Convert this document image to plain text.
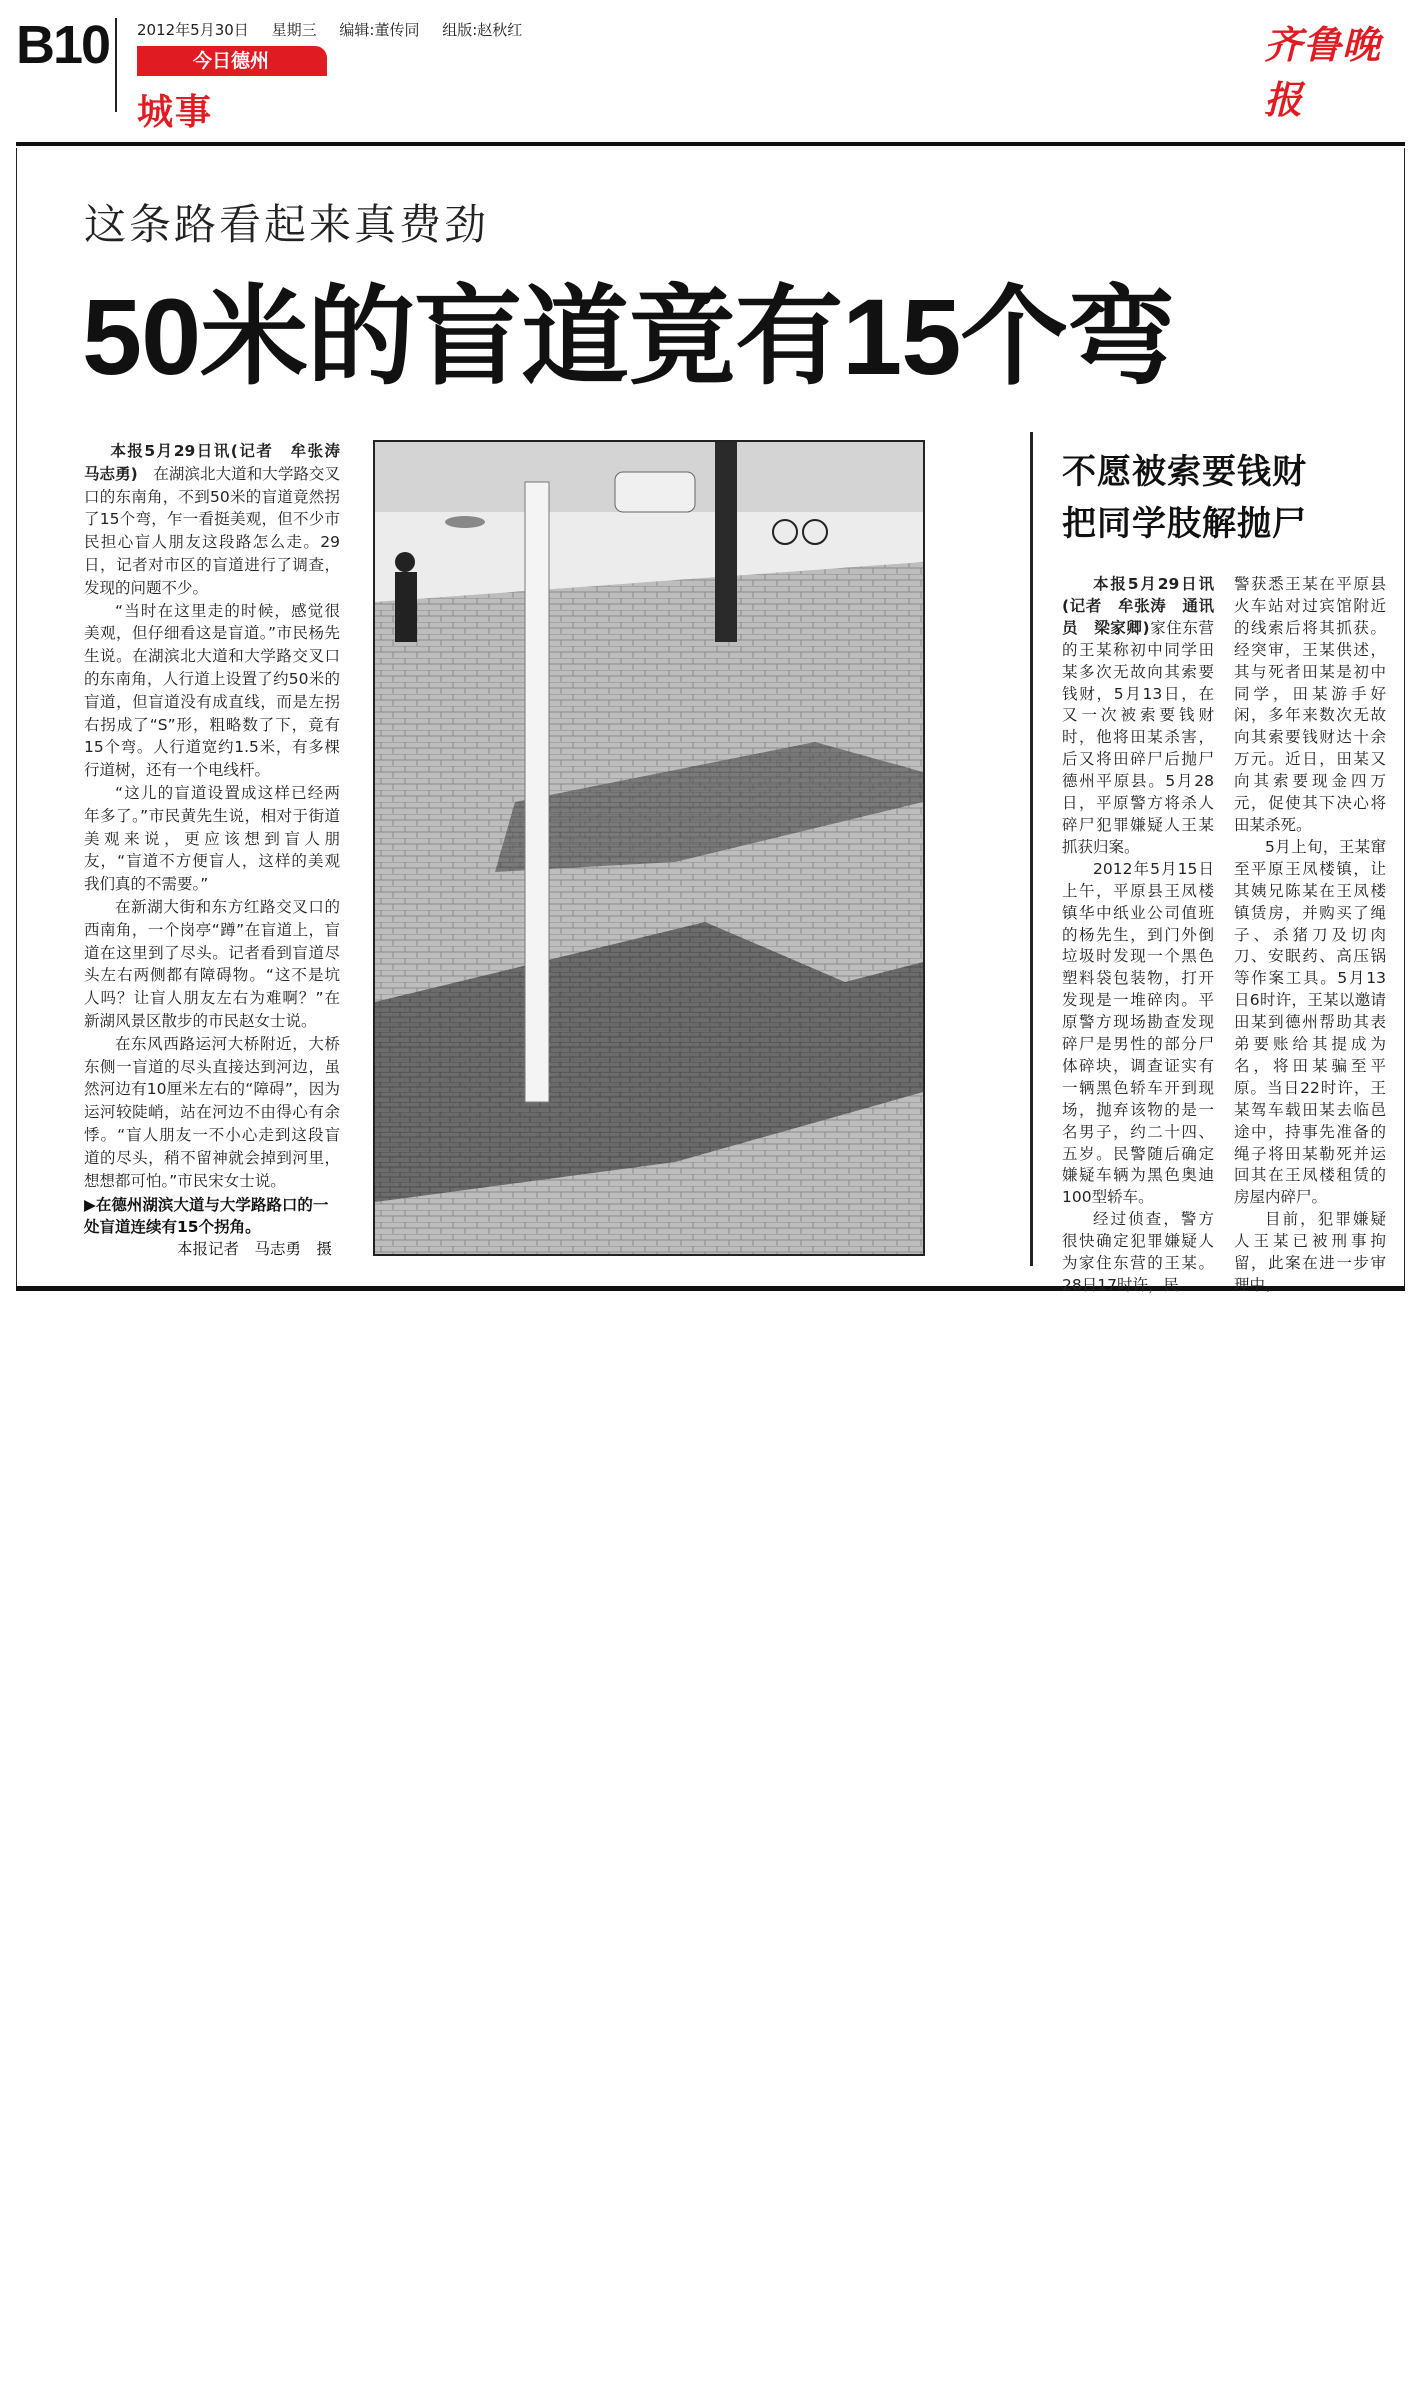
B10 2012年5月30日 星期三 编辑:董传同 组版:赵秋红
今日德州
城事
齐鲁晚报
这条路看起来真费劲
50米的盲道竟有15个弯

本报5月29日讯(记者　牟张涛　马志勇)　 在湖滨北大道和大学路交叉口的东南角，不到50米的盲道竟然拐了15个弯，乍一看挺美观，但不少市民担心盲人朋友这段路怎么走。29日，记者对市区的盲道进行了调查，发现的问题不少。

“当时在这里走的时候，感觉很美观，但仔细看这是盲道。”市民杨先生说。在湖滨北大道和大学路交叉口的东南角，人行道上设置了约50米的盲道，但盲道没有成直线，而是左拐右拐成了“S”形，粗略数了下，竟有15个弯。人行道宽约1.5米，有多棵行道树，还有一个电线杆。

“这儿的盲道设置成这样已经两年多了。”市民黄先生说，相对于街道美观来说，更应该想到盲人朋友，“盲道不方便盲人，这样的美观我们真的不需要。”

在新湖大街和东方红路交叉口的西南角，一个岗亭“蹲”在盲道上，盲道在这里到了尽头。记者看到盲道尽头左右两侧都有障碍物。“这不是坑人吗？让盲人朋友左右为难啊？”在新湖风景区散步的市民赵女士说。

在东风西路运河大桥附近，大桥东侧一盲道的尽头直接达到河边，虽然河边有10厘米左右的“障碍”，因为运河较陡峭，站在河边不由得心有余悸。“盲人朋友一不小心走到这段盲道的尽头，稍不留神就会掉到河里，想想都可怕。”市民宋女士说。

▶在德州湖滨大道与大学路路口的一处盲道连续有15个拐角。
本报记者　马志勇　摄
不愿被索要钱财
把同学肢解抛尸

本报5月29日讯(记者　牟张涛　通讯员　梁家卿)家住东营的王某称初中同学田某多次无故向其索要钱财，5月13日，在又一次被索要钱财时，他将田某杀害，后又将田碎尸后抛尸德州平原县。5月28日，平原警方将杀人碎尸犯罪嫌疑人王某抓获归案。

2012年5月15日上午，平原县王凤楼镇华中纸业公司值班的杨先生，到门外倒垃圾时发现一个黑色塑料袋包装物，打开发现是一堆碎肉。平原警方现场勘查发现碎尸是男性的部分尸体碎块，调查证实有一辆黑色轿车开到现场，抛弃该物的是一名男子，约二十四、五岁。民警随后确定嫌疑车辆为黑色奥迪100型轿车。

经过侦查，警方很快确定犯罪嫌疑人为家住东营的王某。28日17时许，民

警获悉王某在平原县火车站对过宾馆附近的线索后将其抓获。经突审，王某供述，其与死者田某是初中同学，田某游手好闲，多年来数次无故向其索要钱财达十余万元。近日，田某又向其索要现金四万元，促使其下决心将田某杀死。

5月上旬，王某窜至平原王凤楼镇，让其姨兄陈某在王凤楼镇赁房，并购买了绳子、杀猪刀及切肉刀、安眠药、高压锅等作案工具。5月13日6时许，王某以邀请田某到德州帮助其表弟要账给其提成为名，将田某骗至平原。当日22时许，王某驾车载田某去临邑途中，持事先准备的绳子将田某勒死并运回其在王凤楼租赁的房屋内碎尸。

目前，犯罪嫌疑人王某已被刑事拘留，此案在进一步审理中。
